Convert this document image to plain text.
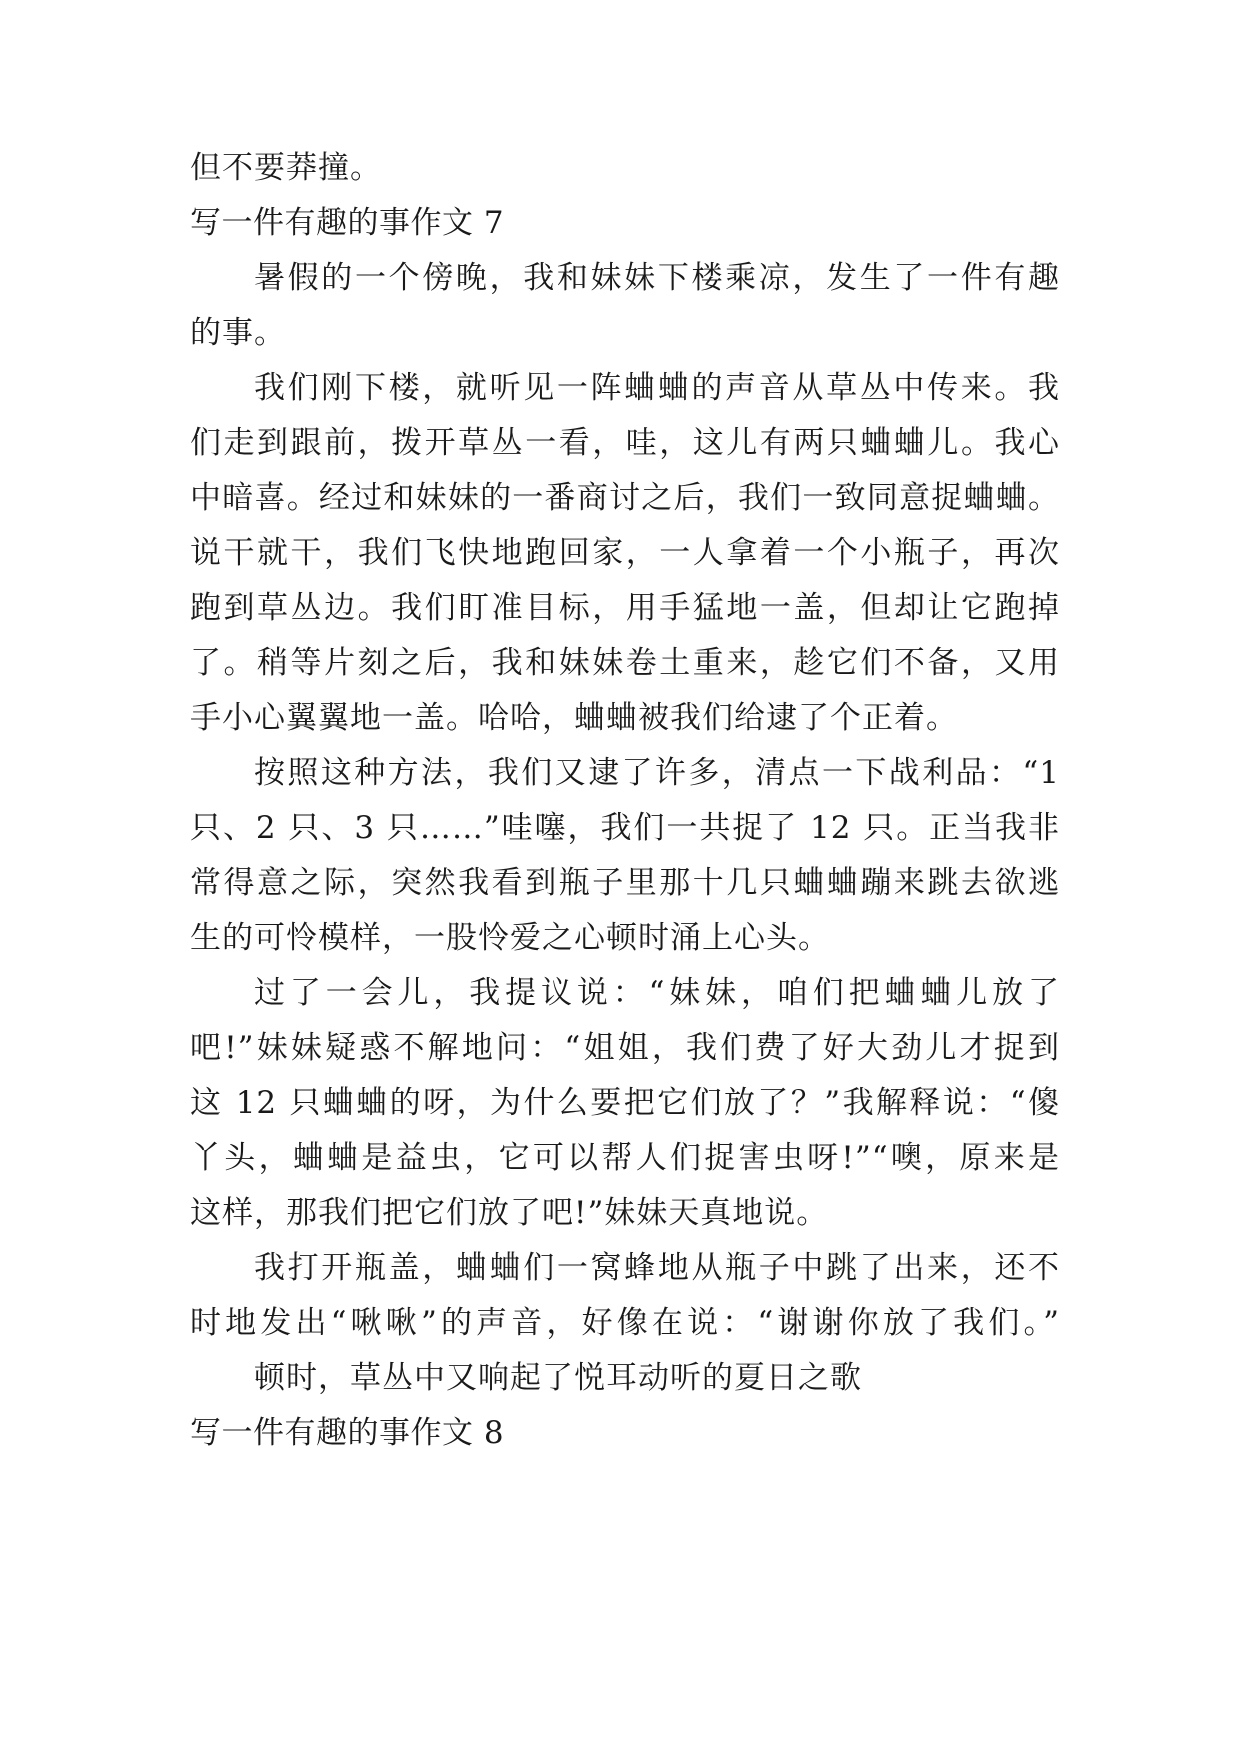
但不要莽撞。
写一件有趣的事作文 7
暑假的一个傍晚，我和妹妹下楼乘凉，发生了一件有趣
的事。
我们刚下楼，就听见一阵蛐蛐的声音从草丛中传来。我
们走到跟前，拨开草丛一看，哇，这儿有两只蛐蛐儿。我心
中暗喜。经过和妹妹的一番商讨之后，我们一致同意捉蛐蛐。
说干就干，我们飞快地跑回家，一人拿着一个小瓶子，再次
跑到草丛边。我们盯准目标，用手猛地一盖，但却让它跑掉
了。稍等片刻之后，我和妹妹卷土重来，趁它们不备，又用
手小心翼翼地一盖。哈哈，蛐蛐被我们给逮了个正着。
按照这种方法，我们又逮了许多，清点一下战利品：“1
只、2 只、3 只……”哇噻，我们一共捉了 12 只。正当我非
常得意之际，突然我看到瓶子里那十几只蛐蛐蹦来跳去欲逃
生的可怜模样，一股怜爱之心顿时涌上心头。
过了一会儿，我提议说：“妹妹，咱们把蛐蛐儿放了
吧!”妹妹疑惑不解地问：“姐姐，我们费了好大劲儿才捉到
这 12 只蛐蛐的呀，为什么要把它们放了？”我解释说：“傻
丫头，蛐蛐是益虫，它可以帮人们捉害虫呀!”“噢，原来是
这样，那我们把它们放了吧!”妹妹天真地说。
我打开瓶盖，蛐蛐们一窝蜂地从瓶子中跳了出来，还不
时地发出“啾啾”的声音，好像在说：“谢谢你放了我们。”
顿时，草丛中又响起了悦耳动听的夏日之歌
写一件有趣的事作文 8
